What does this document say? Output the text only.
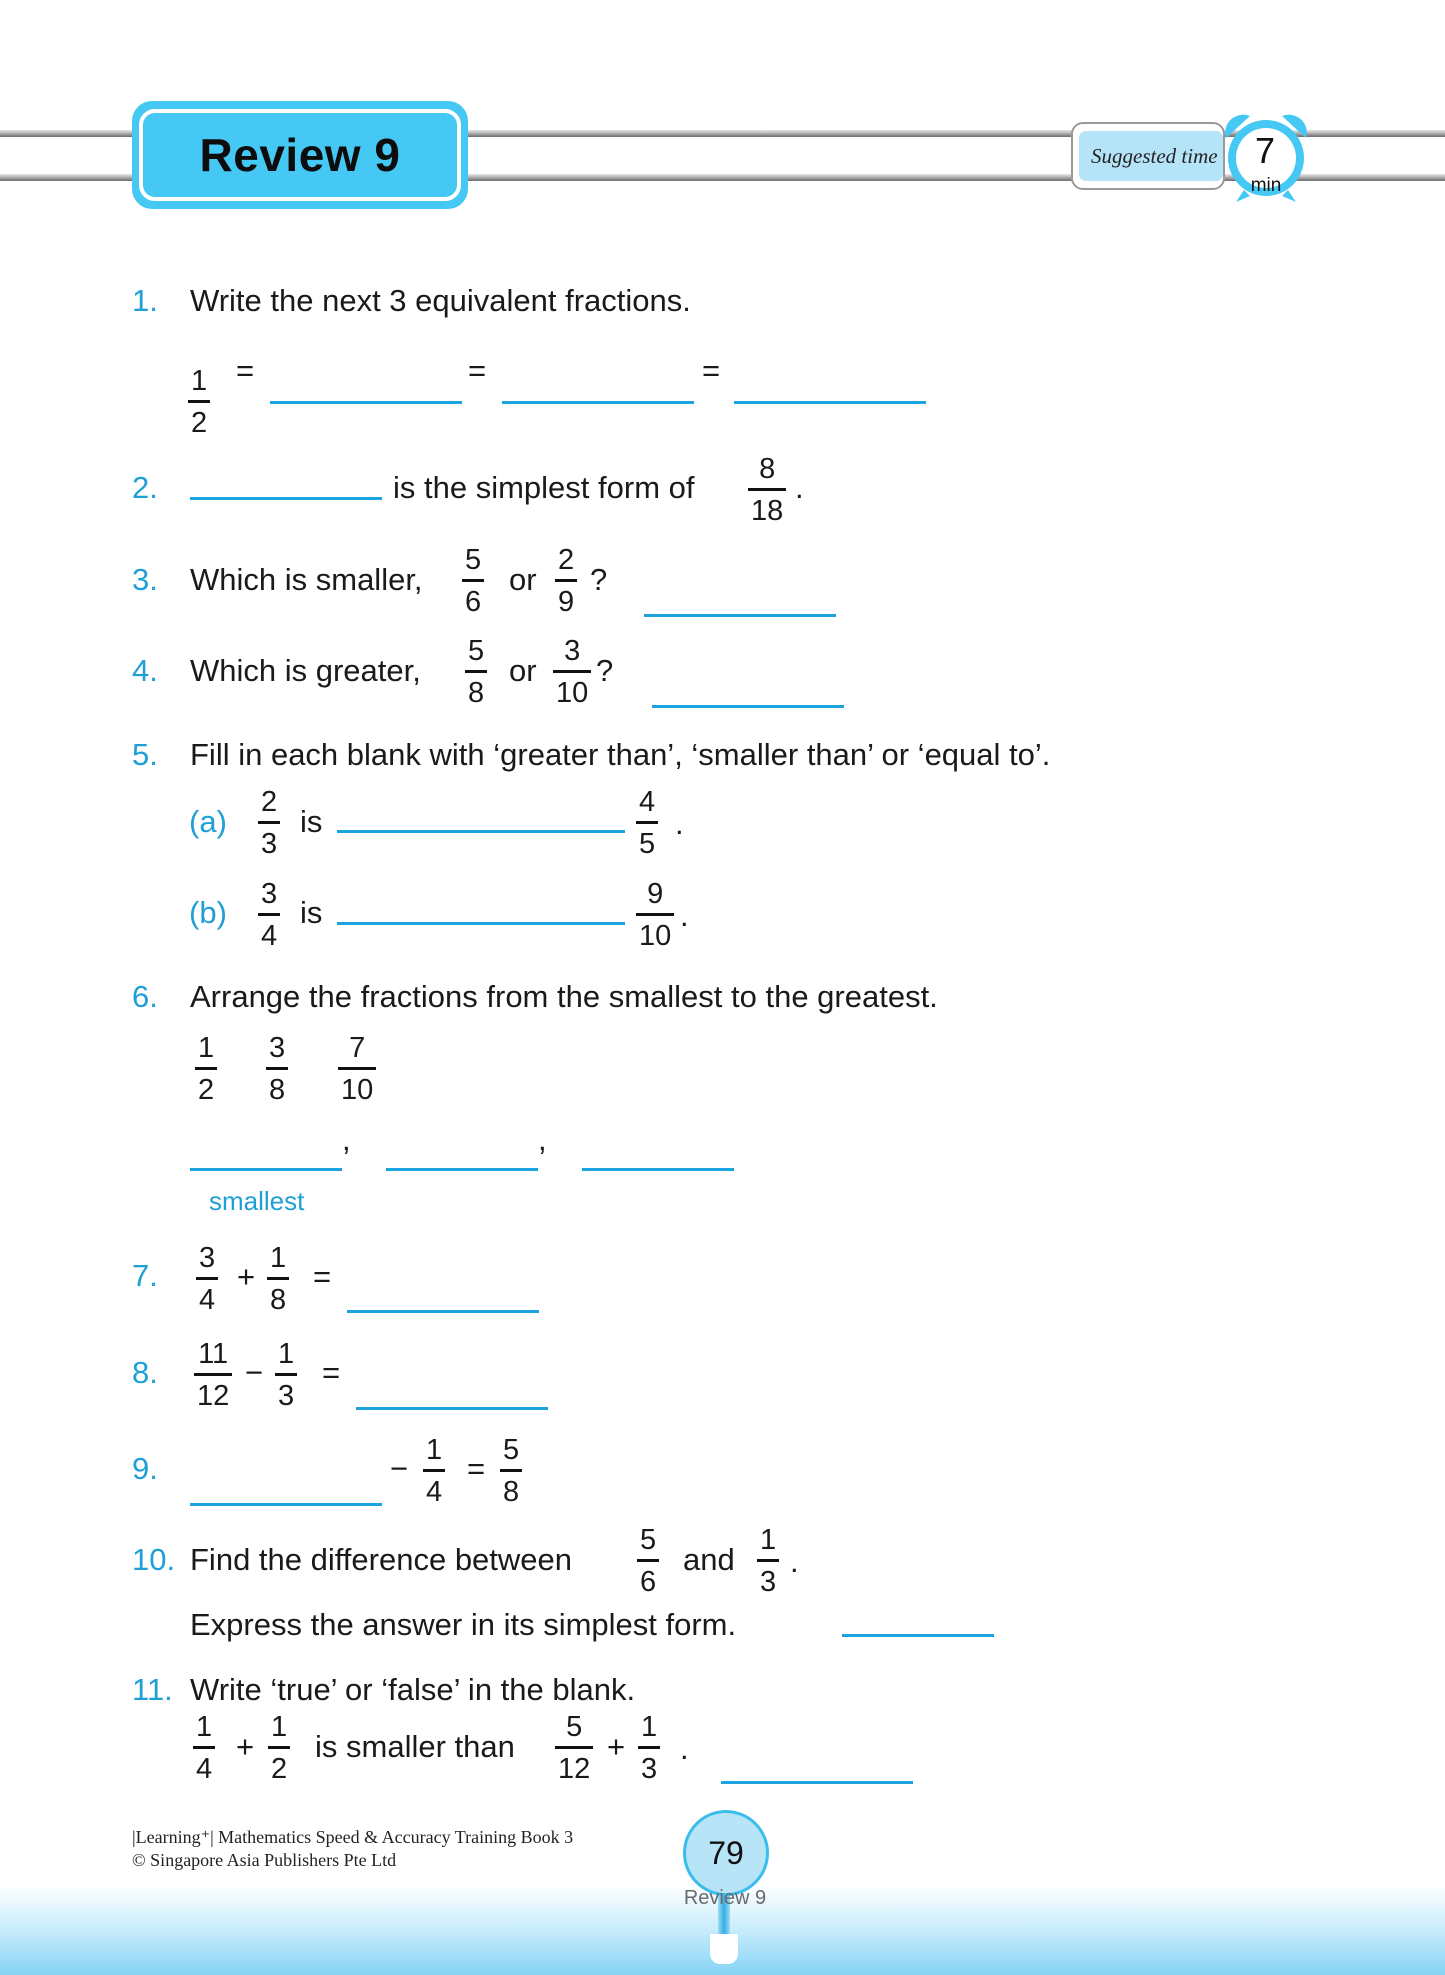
Review 9	Suggested time	7
min
1. Write the next 3 equivalent fractions.
1
2
=	=	=
2.	is the simplest form of
8
18
.
3. Which is smaller,
5
6
or
2
9
?
4. Which is greater,
5
8
or
3
10
?
5. Fill in each blank with ‘greater than’, ‘smaller than’ or ‘equal to’.
(a)
2
3
is
4
5
.
(b)
3
4
is
9
10
.
6. Arrange the fractions from the smallest to the greatest.
1
2
3
8
7
10
,	,
smallest
7. 3
4
+
1
8
=
8.
11
12
−
1
3
=
9.	−
1
4
=
5
8
10. Find the difference between
5
6
and
1
3
.
Express the answer in its simplest form.
11. Write ‘true’ or ‘false’ in the blank.
1
4
+
1
2
is smaller than
5
12
+
1
3
.
|Learning⁺| Mathematics Speed & Accuracy Training Book 3
© Singapore Asia Publishers Pte Ltd	79
Review 9
